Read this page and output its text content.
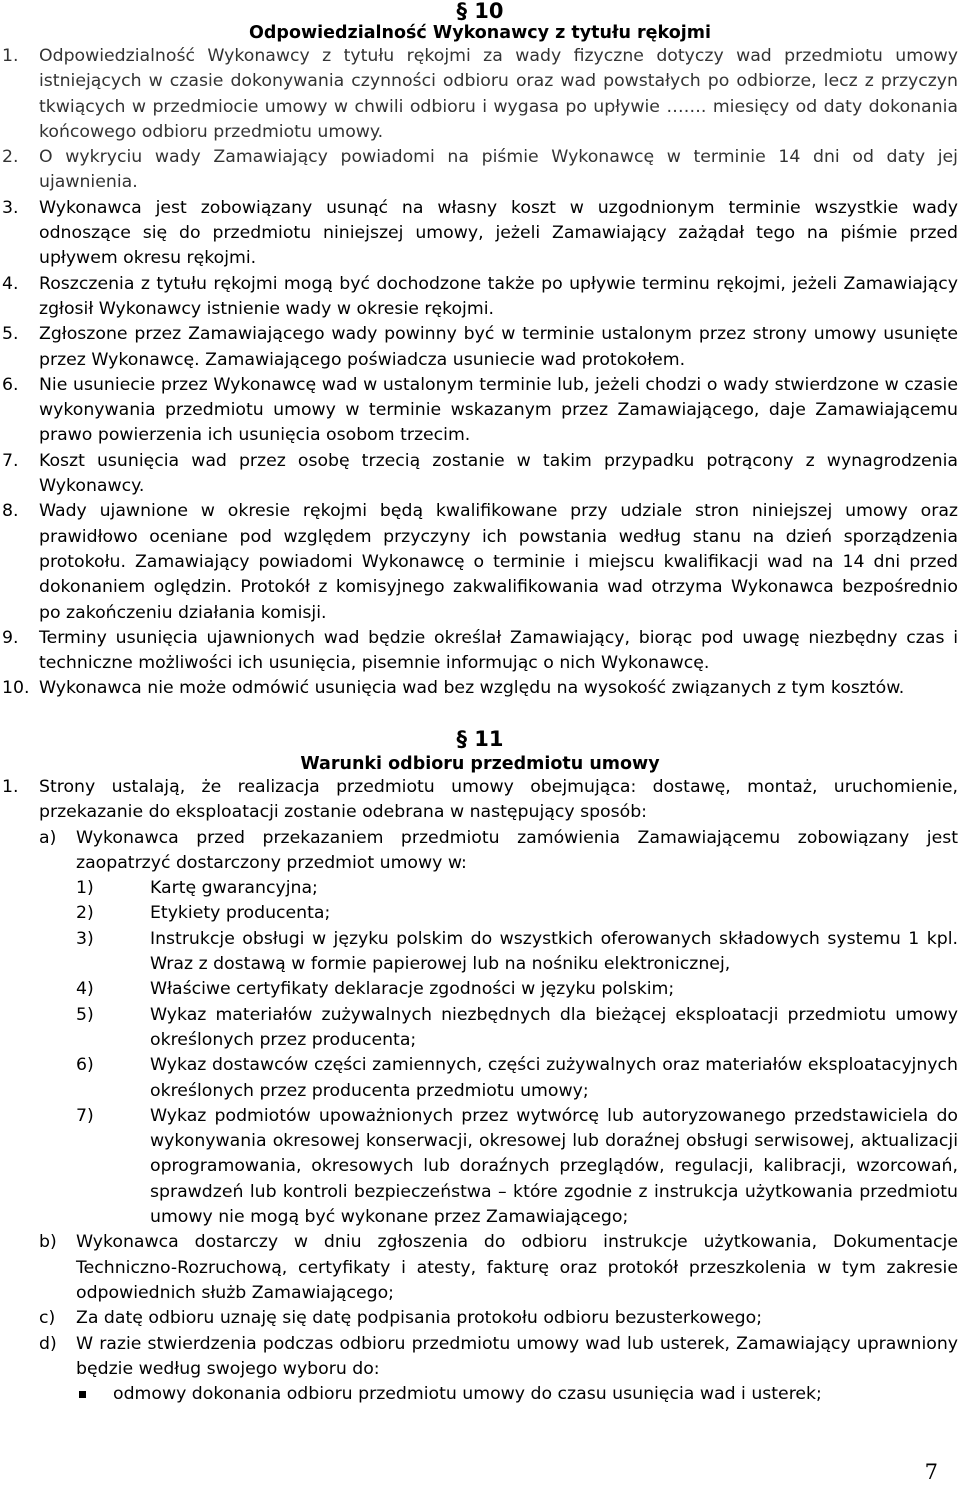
§ 10
Odpowiedzialność Wykonawcy z tytułu rękojmi
1. Odpowiedzialność Wykonawcy z tytułu rękojmi za wady fizyczne dotyczy wad przedmiotu umowy istniejących w czasie dokonywania czynności odbioru oraz wad powstałych po odbiorze, lecz z przyczyn tkwiących w przedmiocie umowy w chwili odbioru i wygasa po upływie ……. miesięcy od daty dokonania końcowego odbioru przedmiotu umowy.
2. O wykryciu wady Zamawiający powiadomi na piśmie Wykonawcę w terminie 14 dni od daty jej ujawnienia.
3. Wykonawca jest zobowiązany usunąć na własny koszt w uzgodnionym terminie wszystkie wady odnoszące się do przedmiotu niniejszej umowy, jeżeli Zamawiający zażądał tego na piśmie przed upływem okresu rękojmi.
4. Roszczenia z tytułu rękojmi mogą być dochodzone także po upływie terminu rękojmi, jeżeli Zamawiający zgłosił Wykonawcy istnienie wady w okresie rękojmi.
5. Zgłoszone przez Zamawiającego wady powinny być w terminie ustalonym przez strony umowy usunięte przez Wykonawcę. Zamawiającego poświadcza usuniecie wad protokołem.
6. Nie usuniecie przez Wykonawcę wad w ustalonym terminie lub, jeżeli chodzi o wady stwierdzone w czasie wykonywania przedmiotu umowy w terminie wskazanym przez Zamawiającego, daje Zamawiającemu prawo powierzenia ich usunięcia osobom trzecim.
7. Koszt usunięcia wad przez osobę trzecią zostanie w takim przypadku potrącony z wynagrodzenia Wykonawcy.
8. Wady ujawnione w okresie rękojmi będą kwalifikowane przy udziale stron niniejszej umowy oraz prawidłowo oceniane pod względem przyczyny ich powstania według stanu na dzień sporządzenia protokołu. Zamawiający powiadomi Wykonawcę o terminie i miejscu kwalifikacji wad na 14 dni przed dokonaniem oględzin. Protokół z komisyjnego zakwalifikowania wad otrzyma Wykonawca bezpośrednio po zakończeniu działania komisji.
9. Terminy usunięcia ujawnionych wad będzie określał Zamawiający, biorąc pod uwagę niezbędny czas i techniczne możliwości ich usunięcia, pisemnie informując o nich Wykonawcę.
10. Wykonawca nie może odmówić usunięcia wad bez względu na wysokość związanych z tym kosztów.
§ 11
Warunki odbioru przedmiotu umowy
1. Strony ustalają, że realizacja przedmiotu umowy obejmująca: dostawę, montaż, uruchomienie, przekazanie do eksploatacji zostanie odebrana w następujący sposób:
a) Wykonawca przed przekazaniem przedmiotu zamówienia Zamawiającemu zobowiązany jest zaopatrzyć dostarczony przedmiot umowy w:
1)	Kartę gwarancyjna;
2)	Etykiety producenta;
3)	Instrukcje obsługi w języku polskim do wszystkich oferowanych składowych systemu 1 kpl. Wraz z dostawą w formie papierowej lub na nośniku elektronicznej,
4)	Właściwe certyfikaty deklaracje zgodności w języku polskim;
5)	Wykaz materiałów zużywalnych niezbędnych dla bieżącej eksploatacji przedmiotu umowy określonych przez producenta;
6)	Wykaz dostawców części zamiennych, części zużywalnych oraz materiałów eksploatacyjnych określonych przez producenta przedmiotu umowy;
7)	Wykaz podmiotów upoważnionych przez wytwórcę lub autoryzowanego przedstawiciela do wykonywania okresowej konserwacji, okresowej lub doraźnej obsługi serwisowej, aktualizacji oprogramowania, okresowych lub doraźnych przeglądów, regulacji, kalibracji, wzorcowań, sprawdzeń lub kontroli bezpieczeństwa – które zgodnie z instrukcja użytkowania przedmiotu umowy nie mogą być wykonane przez Zamawiającego;
b) Wykonawca dostarczy w dniu zgłoszenia do odbioru instrukcje użytkowania, Dokumentacje Techniczno-Rozruchową, certyfikaty i atesty, fakturę oraz protokół przeszkolenia w tym zakresie odpowiednich służb Zamawiającego;
c) Za datę odbioru uznaję się datę podpisania protokołu odbioru bezusterkowego;
d) W razie stwierdzenia podczas odbioru przedmiotu umowy wad lub usterek, Zamawiający uprawniony będzie według swojego wyboru do:
odmowy dokonania odbioru przedmiotu umowy do czasu usunięcia wad i usterek;
7
